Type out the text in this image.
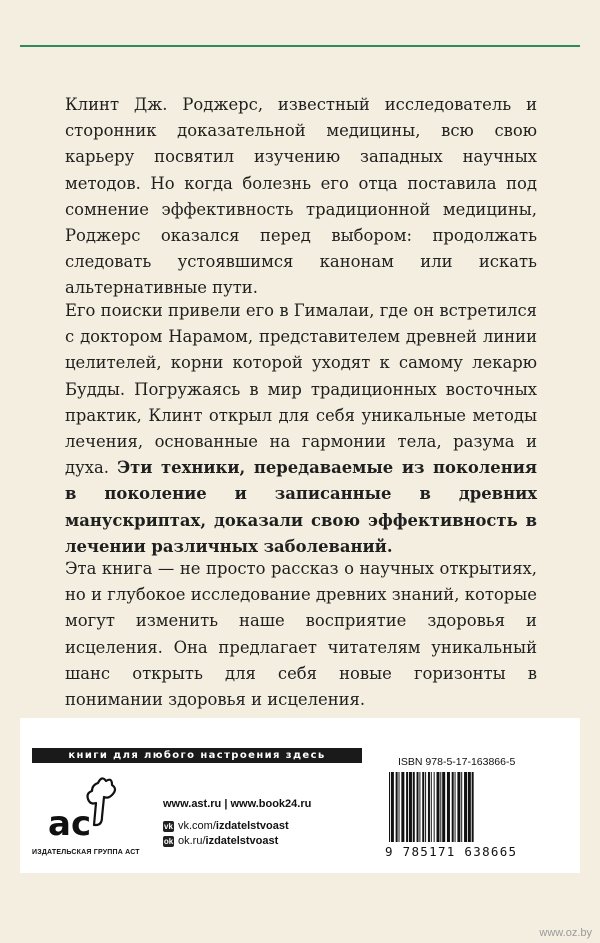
Клинт Дж. Роджерс, известный исследователь и сторонник доказательной медицины, всю свою карьеру посвятил изучению западных научных методов. Но когда болезнь его отца поставила под сомнение эффективность традиционной медицины, Роджерс оказался перед выбором: продолжать следовать устоявшимся канонам или искать альтернативные пути.
Его поиски привели его в Гималаи, где он встретился с доктором Нарамом, представителем древней линии целителей, корни которой уходят к самому лекарю Будды. Погружаясь в мир традиционных восточных практик, Клинт открыл для себя уникальные методы лечения, основанные на гармонии тела, разума и духа. Эти техники, передаваемые из поколения в поколение и записанные в древних манускриптах, доказали свою эффективность в лечении различных заболеваний.
Эта книга — не просто рассказ о научных открытиях, но и глубокое исследование древних знаний, которые могут изменить наше восприятие здоровья и исцеления. Она предлагает читателям уникальный шанс открыть для себя новые горизонты в понимании здоровья и исцеления.
книги для любого настроения здесь
ас
ИЗДАТЕЛЬСКАЯ ГРУППА АСТ
www.ast.ru | www.book24.ru
vk vk.com/ izdatelstvoast
ok ok.ru/ izdatelstvoast
ISBN 978-5-17-163866-5
9 785171 638665
www.oz.by
